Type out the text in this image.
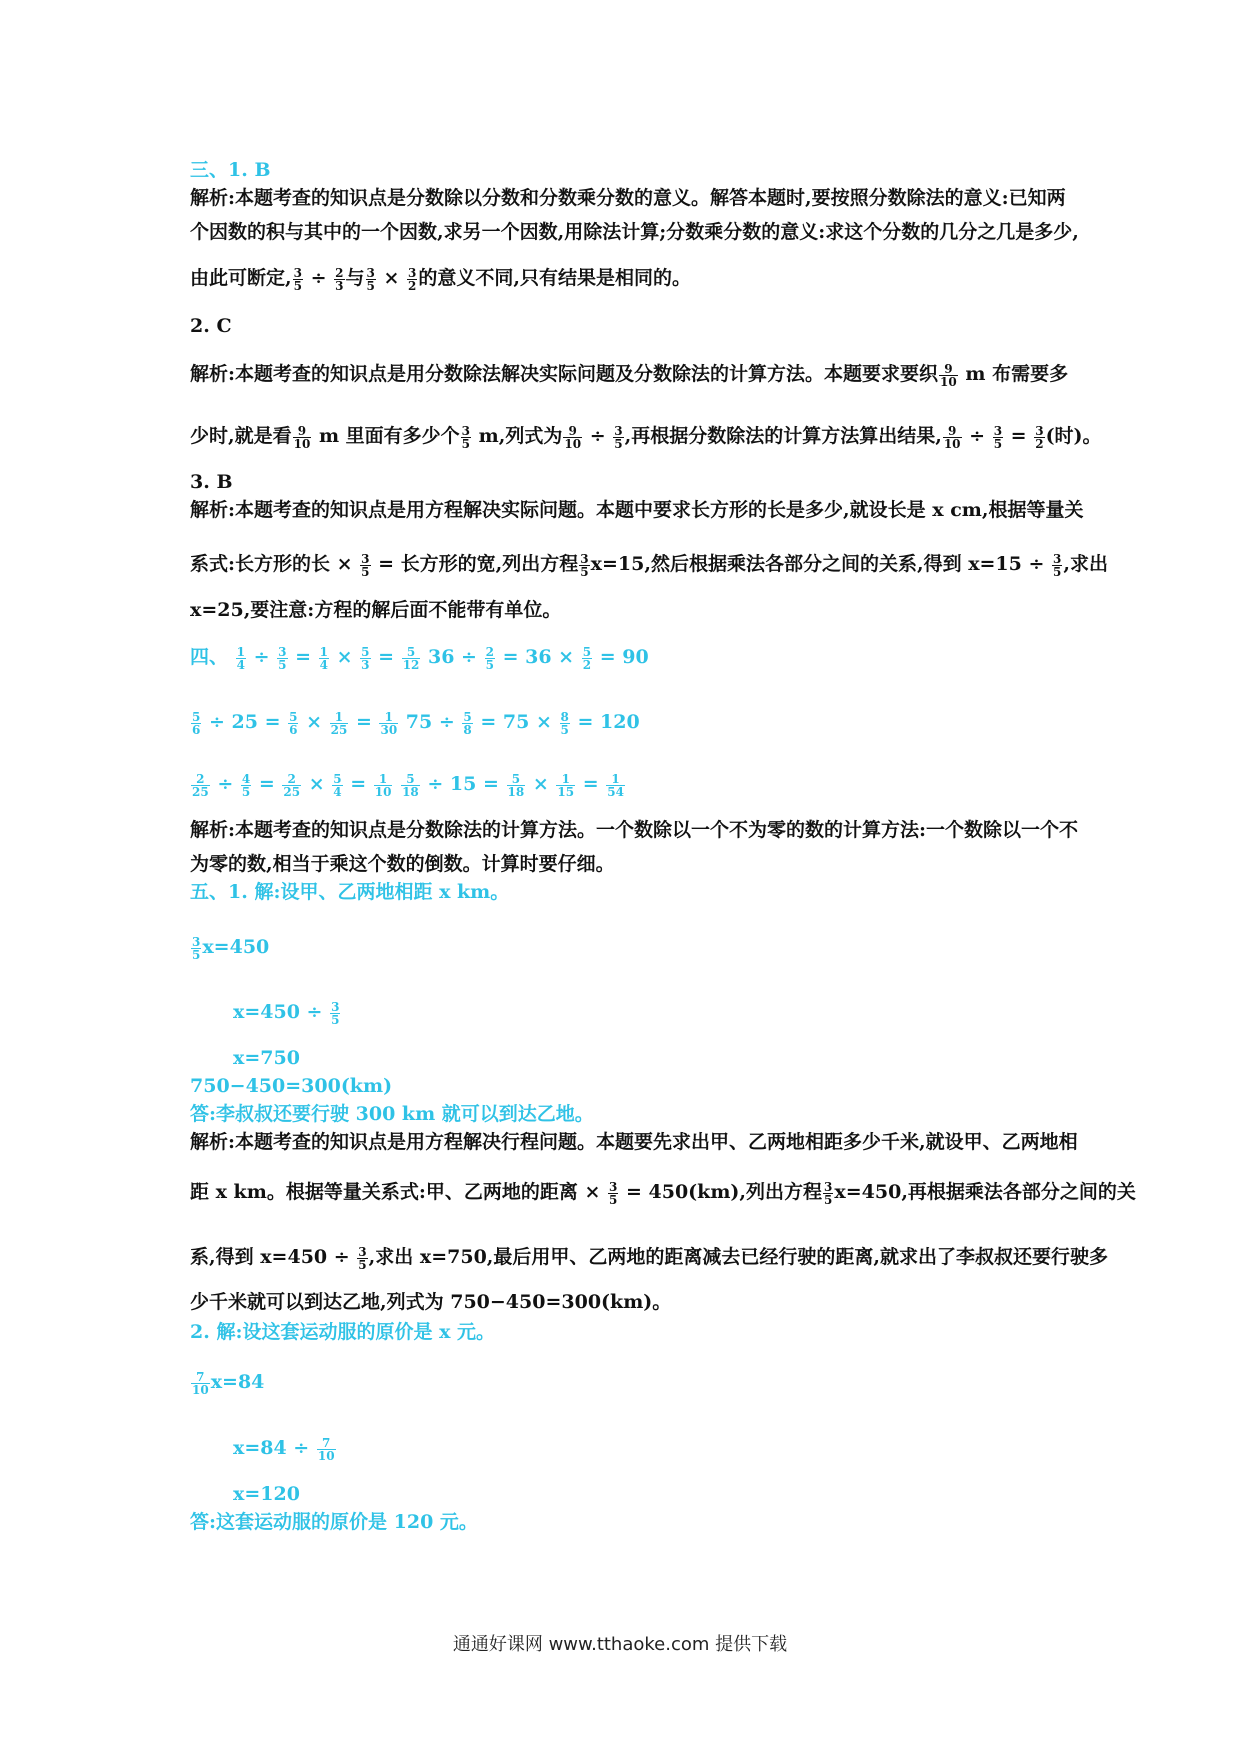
三、1. B
解析:本题考查的知识点是分数除以分数和分数乘分数的意义。解答本题时,要按照分数除法的意义:已知两
个因数的积与其中的一个因数,求另一个因数,用除法计算;分数乘分数的意义:求这个分数的几分之几是多少,
由此可断定, $\frac{3}{5} \div \frac{2}{3}$ 与 $\frac{3}{5} \times \frac{3}{2}$ 的意义不同,只有结果是相同的。
2. C
解析:本题考查的知识点是用分数除法解决实际问题及分数除法的计算方法。本题要求要织 $\frac{9}{10}$ m 布需要多
少时,就是看 $\frac{9}{10}$ m 里面有多少个 $\frac{3}{5} m$,列式为 $\frac{9}{10} \div \frac{3}{5}$ ,再根据分数除法的计算方法算出结果, $\frac{9}{10} \div \frac{3}{5} = \frac{3}{2}$ (时)。
3. B
解析:本题考查的知识点是用方程解决实际问题。本题中要求长方形的长是多少,就设长是 x cm,根据等量关
系式:长方形的长 × $\frac{3}{5}$ = 长方形的宽,列出方程 $\frac{3}{5} x=15$,然后根据乘法各部分之间的关系,得到 $x=15 \div \frac{3}{5}$ ,求出
x=25,要注意:方程的解后面不能带有单位。
四、 $\frac{1}{4} \div \frac{3}{5} = \frac{1}{4} \times \frac{5}{3} = \frac{5}{12} 36 \div \frac{2}{5} = 36 \times \frac{5}{2} = 90$
$\frac{5}{6} \div 25 = \frac{5}{6} \times \frac{1}{25} = \frac{1}{30} 75 \div \frac{5}{8} = 75 \times \frac{8}{5} = 120$
$\frac{2}{25} \div \frac{4}{5} = \frac{2}{25} \times \frac{5}{4} = \frac{1}{10}$
$\frac{5}{18} \div 15 = \frac{5}{18} \times \frac{1}{15} = \frac{1}{54}$
解析:本题考查的知识点是分数除法的计算方法。一个数除以一个不为零的数的计算方法:一个数除以一个不
为零的数,相当于乘这个数的倒数。计算时要仔细。
五、1. 解:设甲、乙两地相距 x km。
$\frac{3}{5} x=450$
$x=450 \div \frac{3}{5}$
x=750
750−450=300(km)
答:李叔叔还要行驶 300 km 就可以到达乙地。
解析:本题考查的知识点是用方程解决行程问题。本题要先求出甲、乙两地相距多少千米,就设甲、乙两地相
距 x km。根据等量关系式:甲、乙两地的距离 × $\frac{3}{5} = 450(km)$,列出方程 $\frac{3}{5} x=450$,再根据乘法各部分之间的关
系,得到 $x=450 \div \frac{3}{5}$ ,求出 x=750,最后用甲、乙两地的距离减去已经行驶的距离,就求出了李叔叔还要行驶多
少千米就可以到达乙地,列式为 750−450=300(km)。
2. 解:设这套运动服的原价是 x 元。
$\frac{7}{10} x=84$
$x=84 \div \frac{7}{10}$
x=120
答:这套运动服的原价是 120 元。
通通好课网 www.tthaoke.com 提供下载
